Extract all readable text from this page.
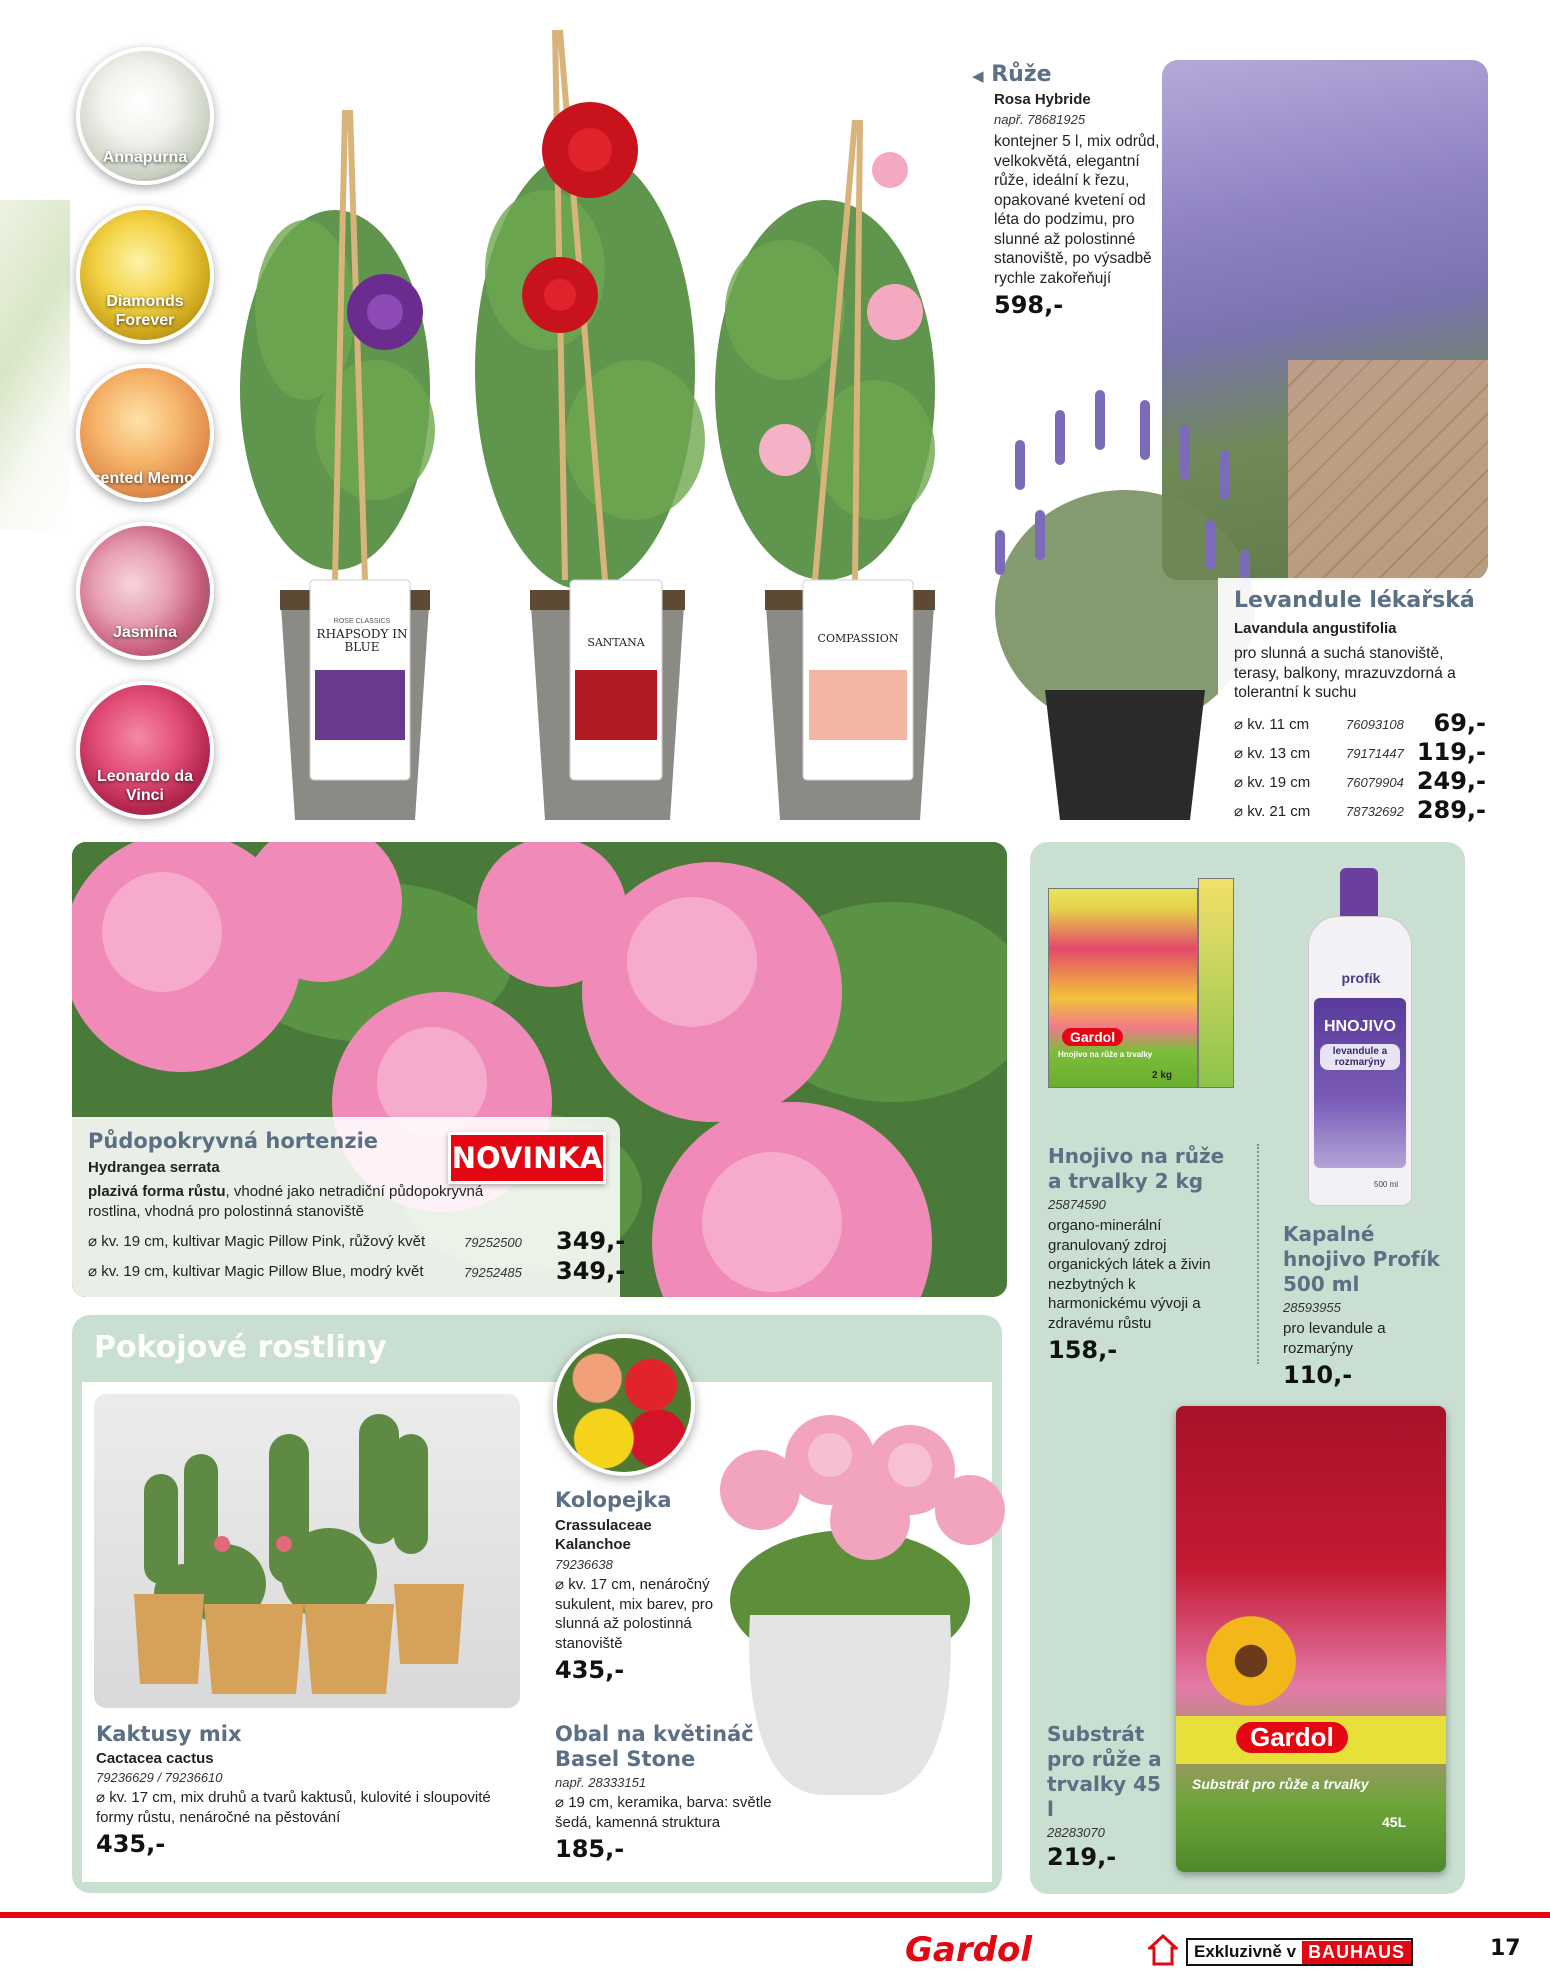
Annapurna
Diamonds Forever
Scented Memory
Jasmína
Leonardo da Vinci
ROSE CLASSICS
RHAPSODY IN BLUE	SANTANA	COMPASSION
◀ Růže
Rosa Hybride
např. 78681925
kontejner 5 l, mix odrůd, velkokvětá, elegantní růže, ideální k řezu, opakované kvetení od léta do podzimu, pro slunné až polostinné stanoviště, po výsadbě rychle zakořeňují
598,-
Levandule lékařská
Lavandula angustifolia
pro slunná a suchá stanoviště, terasy, balkony, mrazuvzdorná a tolerantní k suchu
⌀ kv. 11 cm	76093108 69,-
⌀ kv. 13 cm	79171447 119,-
⌀ kv. 19 cm	76079904 249,-
⌀ kv. 21 cm	78732692 289,-
Půdopokryvná hortenzie
Hydrangea serrata	NOVINKA
plazivá forma růstu, vhodné jako netradiční půdopokryvná rostlina, vhodná pro polostinná stanoviště
⌀ kv. 19 cm, kultivar Magic Pillow Pink, růžový květ	79252500 349,-
⌀ kv. 19 cm, kultivar Magic Pillow Blue, modrý květ	79252485 349,-
Gardol
Hnojivo na růže a trvalky
2 kg
profík
HNOJIVO
levandule a rozmarýny
500 ml
Hnojivo na růže a trvalky 2 kg
25874590
organo-minerální granulovaný zdroj organických látek a živin nezbytných k harmonickému vývoji a zdravému růstu
158,-
Kapalné hnojivo Profík 500 ml
28593955
pro levandule a rozmarýny
110,-
Gardol
Substrát pro růže a trvalky
45L
Substrát pro růže a trvalky 45 l
28283070
219,-
Pokojové rostliny
Kaktusy mix
Cactacea cactus
79236629 / 79236610
⌀ kv. 17 cm, mix druhů a tvarů kaktusů, kulovité i sloupovité formy růstu, nenáročné na pěstování
435,-
Kolopejka
Crassulaceae Kalanchoe
79236638
⌀ kv. 17 cm, nenáročný sukulent, mix barev, pro slunná až polostinná stanoviště
435,-
Obal na květináč Basel Stone
např. 28333151
⌀ 19 cm, keramika, barva: světle šedá, kamenná struktura
185,-
Gardol	Exkluzivně v BAUHAUS	17
